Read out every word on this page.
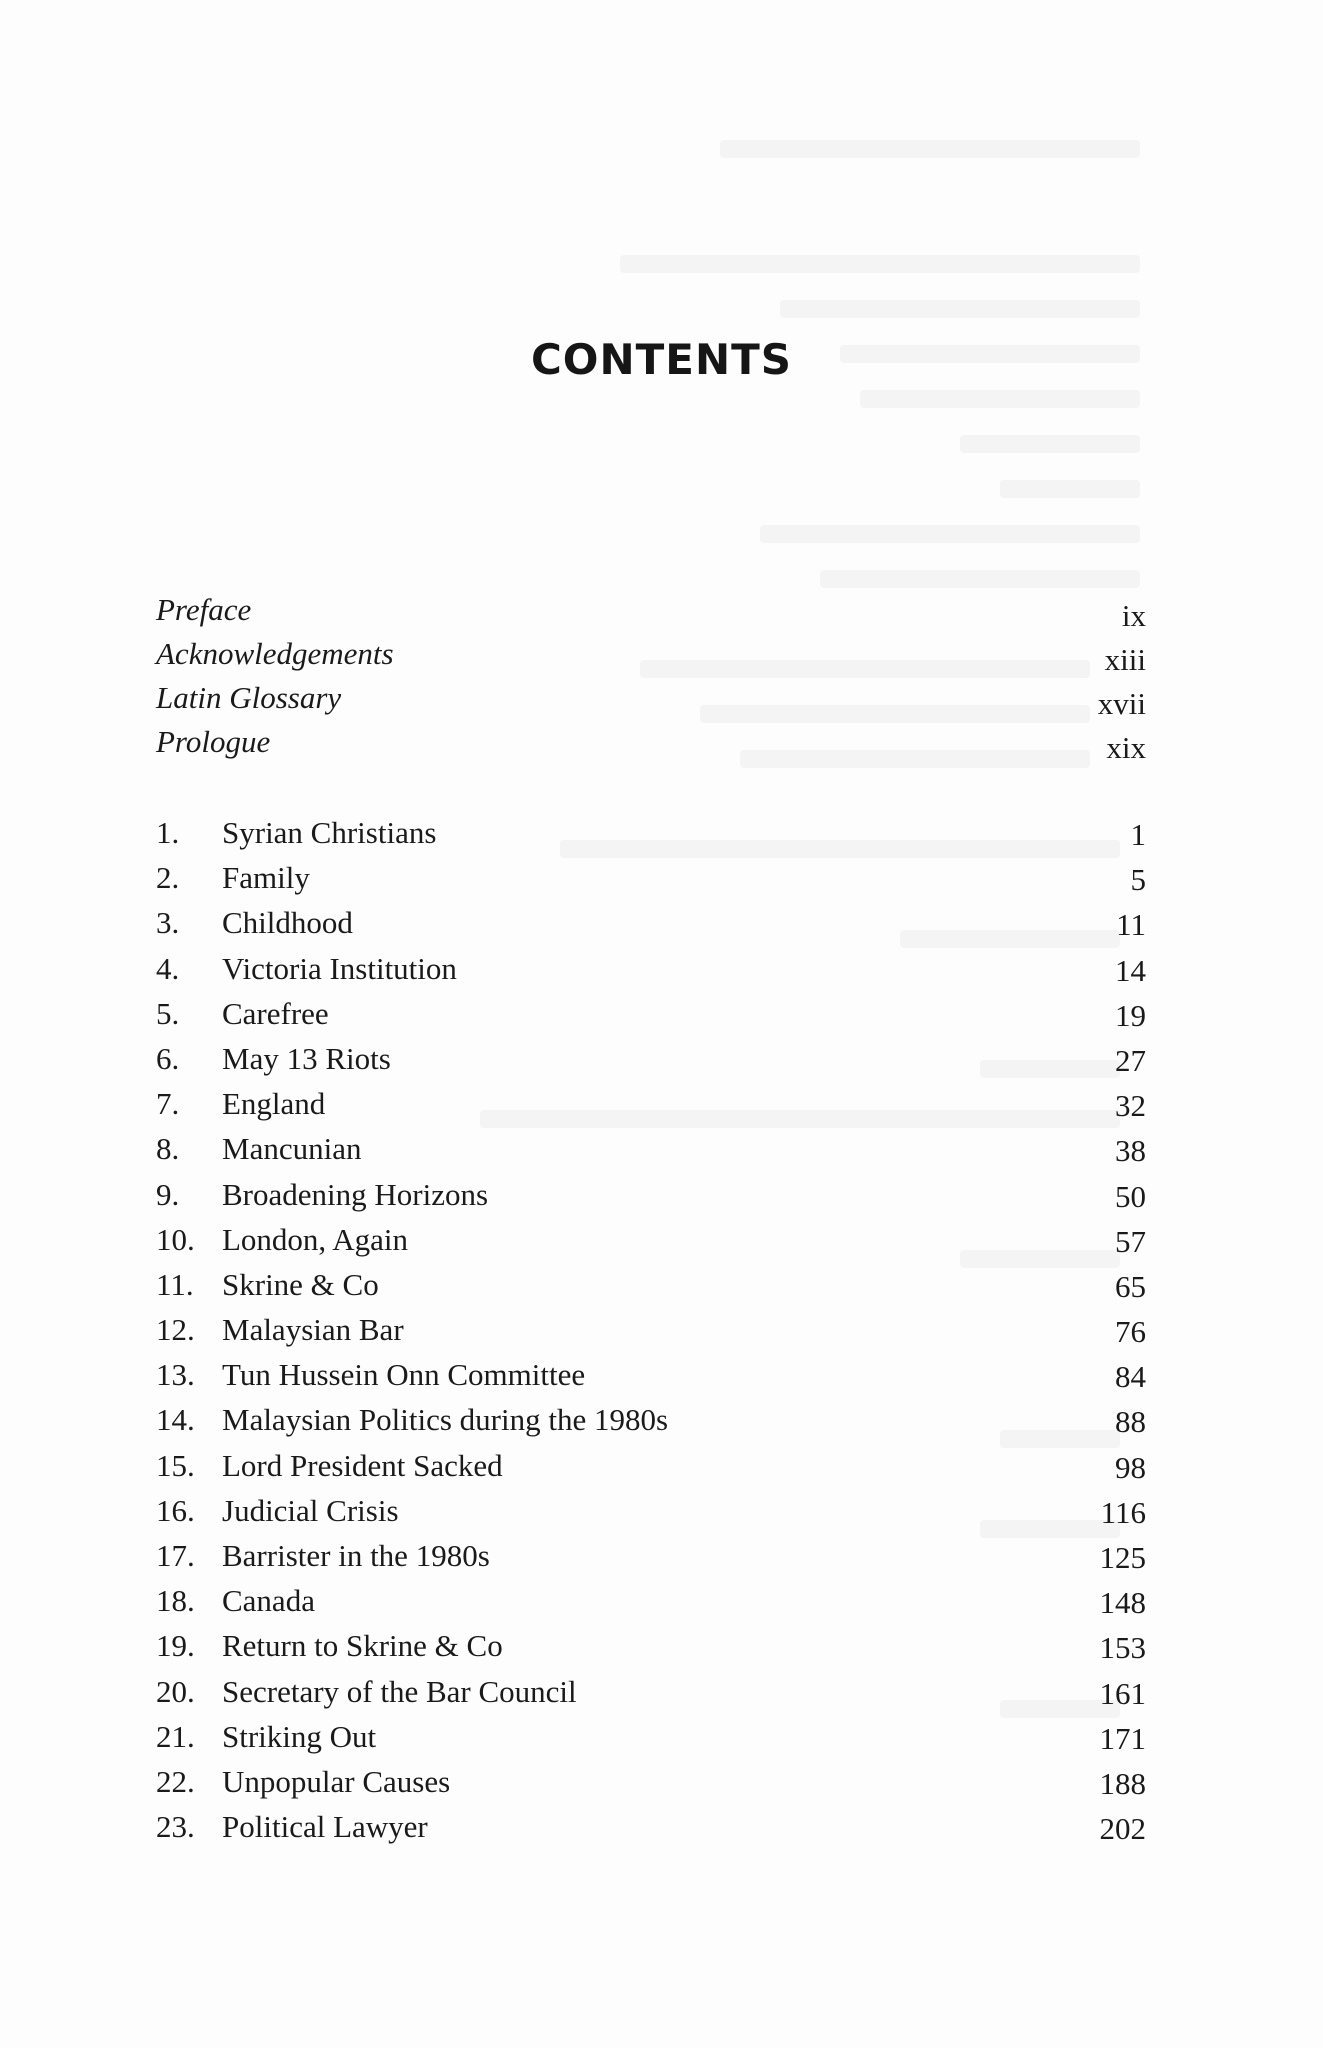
CONTENTS
Preface	ix
Acknowledgements	xiii
Latin Glossary	xvii
Prologue	xix
1. Syrian Christians	1
2. Family	5
3. Childhood	11
4. Victoria Institution	14
5. Carefree	19
6. May 13 Riots	27
7. England	32
8. Mancunian	38
9. Broadening Horizons	50
10. London, Again	57
11. Skrine & Co	65
12. Malaysian Bar	76
13. Tun Hussein Onn Committee	84
14. Malaysian Politics during the 1980s	88
15. Lord President Sacked	98
16. Judicial Crisis	116
17. Barrister in the 1980s	125
18. Canada	148
19. Return to Skrine & Co	153
20. Secretary of the Bar Council	161
21. Striking Out	171
22. Unpopular Causes	188
23. Political Lawyer	202
